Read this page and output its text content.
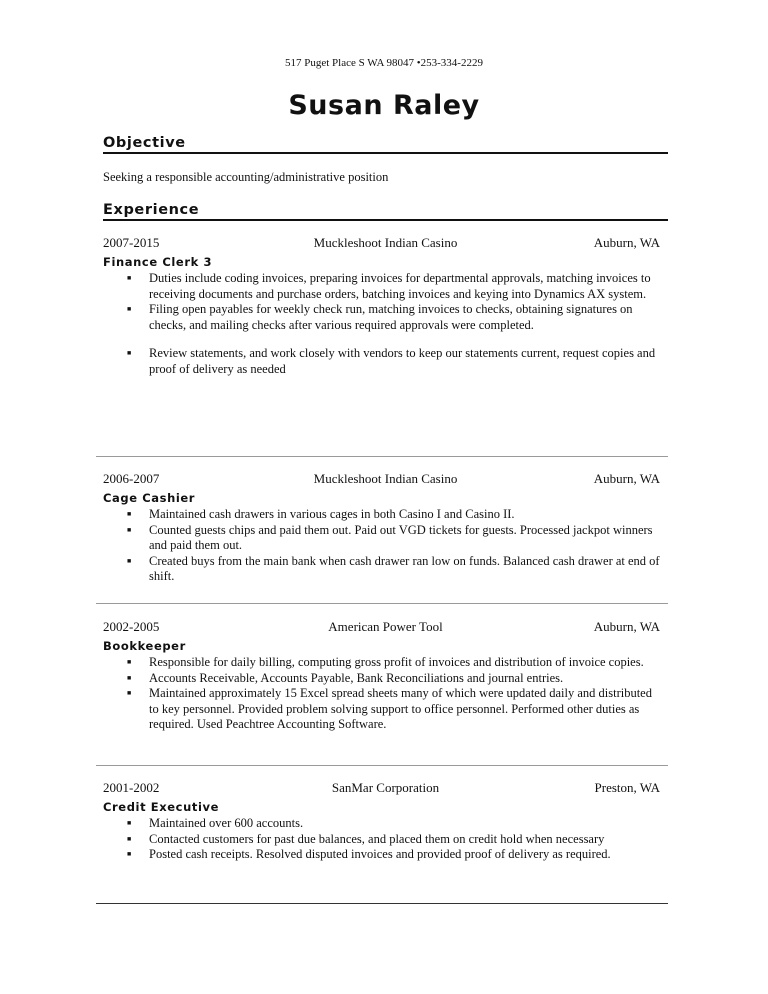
517 Puget Place S WA 98047 •253-334-2229
Susan Raley
Objective
Seeking a responsible accounting/administrative position
Experience
2007-2015	Muckleshoot Indian Casino	Auburn, WA
Finance Clerk 3
■ Duties include coding invoices, preparing invoices for departmental approvals, matching invoices to receiving documents and purchase orders, batching invoices and keying into Dynamics AX system.
■ Filing open payables for weekly check run, matching invoices to checks, obtaining signatures on checks, and mailing checks after various required approvals were completed.
■ Review statements, and work closely with vendors to keep our statements current, request copies and proof of delivery as needed
2006-2007	Muckleshoot Indian Casino	Auburn, WA
Cage Cashier
■ Maintained cash drawers in various cages in both Casino I and Casino II.
■ Counted guests chips and paid them out. Paid out VGD tickets for guests. Processed jackpot winners and paid them out.
■ Created buys from the main bank when cash drawer ran low on funds. Balanced cash drawer at end of shift.
2002-2005	American Power Tool	Auburn, WA
Bookkeeper
■ Responsible for daily billing, computing gross profit of invoices and distribution of invoice copies.
■ Accounts Receivable, Accounts Payable, Bank Reconciliations and journal entries.
■ Maintained approximately 15 Excel spread sheets many of which were updated daily and distributed to key personnel. Provided problem solving support to office personnel. Performed other duties as required. Used Peachtree Accounting Software.
2001-2002	SanMar Corporation	Preston, WA
Credit Executive
■ Maintained over 600 accounts.
■ Contacted customers for past due balances, and placed them on credit hold when necessary
■ Posted cash receipts. Resolved disputed invoices and provided proof of delivery as required.
